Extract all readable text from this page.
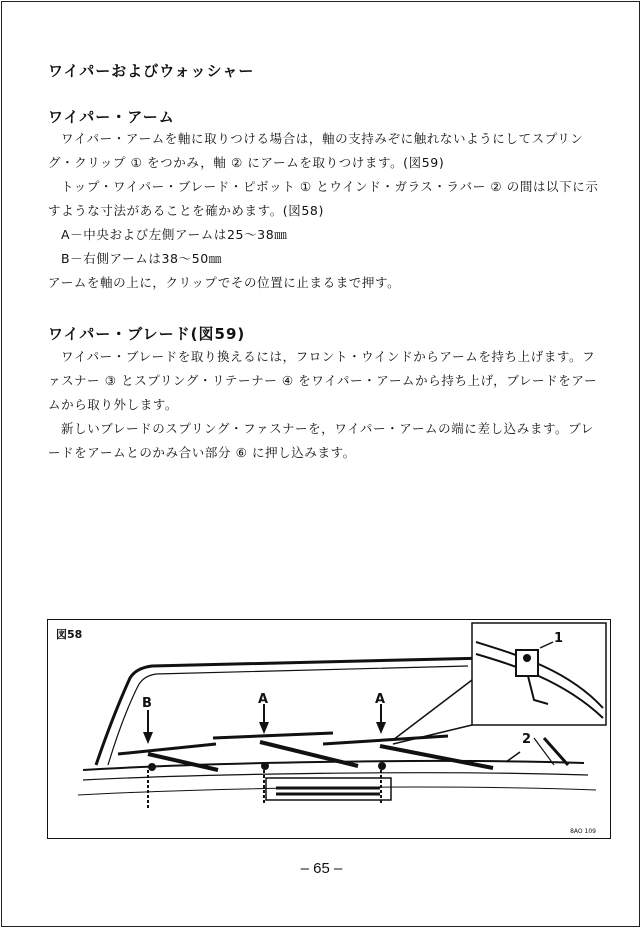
ワイパーおよびウォッシャー
ワイパー・アーム

ワイパー・アームを軸に取りつける場合は，軸の支持みぞに触れないようにしてスプリング・クリップ ① をつかみ，軸 ② にアームを取りつけます。(図59)

トップ・ワイパー・ブレード・ピボット ① とウインド・ガラス・ラバー ② の間は以下に示すような寸法があることを確かめます。(図58)

A－中央および左側アームは25～38㎜

B－右側アームは38～50㎜

アームを軸の上に，クリップでその位置に止まるまで押す。

ワイパー・ブレード(図59)

ワイパー・ブレードを取り換えるには，フロント・ウインドからアームを持ち上げます。ファスナー ③ とスプリング・リテーナー ④ をワイパー・アームから持ち上げ，ブレードをアームから取り外します。

新しいブレードのスプリング・ファスナーを，ワイパー・アームの端に差し込みます。ブレードをアームとのかみ合い部分 ⑥ に押し込みます。

図58
B	A	A
1
2
8AO 109
– 65 –
